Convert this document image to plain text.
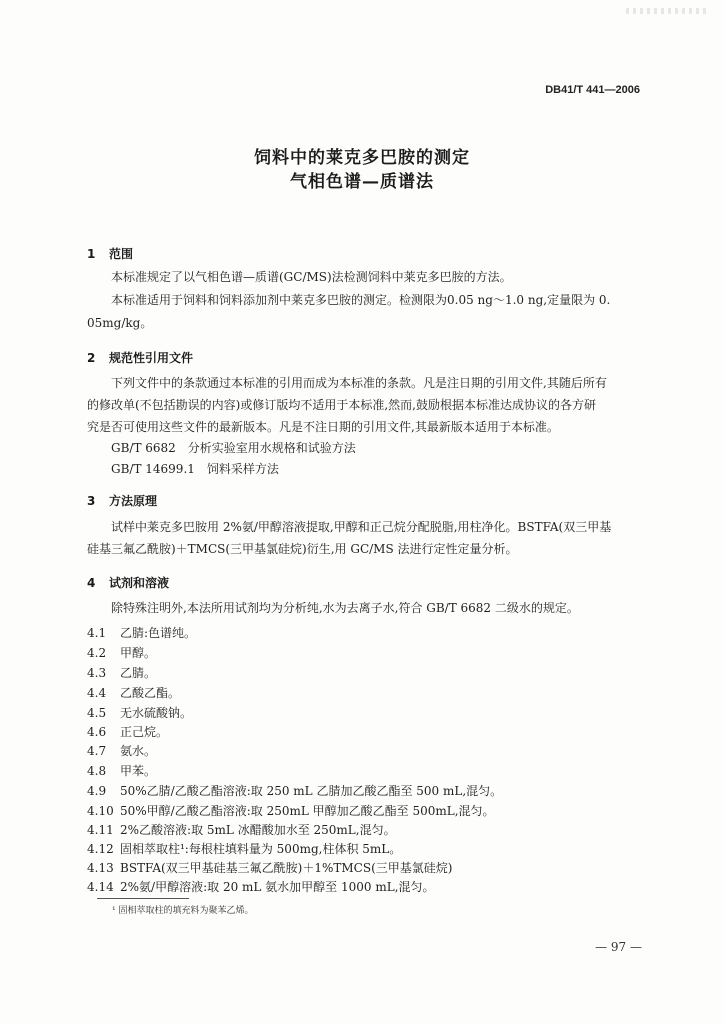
DB41/T 441—2006
饲料中的莱克多巴胺的测定
气相色谱—质谱法
1 范围
本标准规定了以气相色谱—质谱(GC/MS)法检测饲料中莱克多巴胺的方法。
本标准适用于饲料和饲料添加剂中莱克多巴胺的测定。检测限为0.05 ng～1.0 ng,定量限为 0.
05mg/kg。
2 规范性引用文件
下列文件中的条款通过本标准的引用而成为本标准的条款。凡是注日期的引用文件,其随后所有
的修改单(不包括勘误的内容)或修订版均不适用于本标准,然而,鼓励根据本标准达成协议的各方研
究是否可使用这些文件的最新版本。凡是不注日期的引用文件,其最新版本适用于本标准。
GB/T 6682　分析实验室用水规格和试验方法
GB/T 14699.1　饲料采样方法
3 方法原理
试样中莱克多巴胺用 2%氨/甲醇溶液提取,甲醇和正己烷分配脱脂,用柱净化。BSTFA(双三甲基
硅基三氟乙酰胺)＋TMCS(三甲基氯硅烷)衍生,用 GC/MS 法进行定性定量分析。
4 试剂和溶液
除特殊注明外,本法所用试剂均为分析纯,水为去离子水,符合 GB/T 6682 二级水的规定。
4.1 乙腈:色谱纯。
4.2 甲醇。
4.3 乙腈。
4.4 乙酸乙酯。
4.5 无水硫酸钠。
4.6 正己烷。
4.7 氨水。
4.8 甲苯。
4.9 50%乙腈/乙酸乙酯溶液:取 250 mL 乙腈加乙酸乙酯至 500 mL,混匀。
4.10 50%甲醇/乙酸乙酯溶液:取 250mL 甲醇加乙酸乙酯至 500mL,混匀。
4.11 2%乙酸溶液:取 5mL 冰醋酸加水至 250mL,混匀。
4.12 固相萃取柱¹:每根柱填料量为 500mg,柱体积 5mL。
4.13 BSTFA(双三甲基硅基三氟乙酰胺)＋1%TMCS(三甲基氯硅烷)
4.14 2%氨/甲醇溶液:取 20 mL 氨水加甲醇至 1000 mL,混匀。
¹ 固相萃取柱的填充料为聚苯乙烯。
— 97 —
